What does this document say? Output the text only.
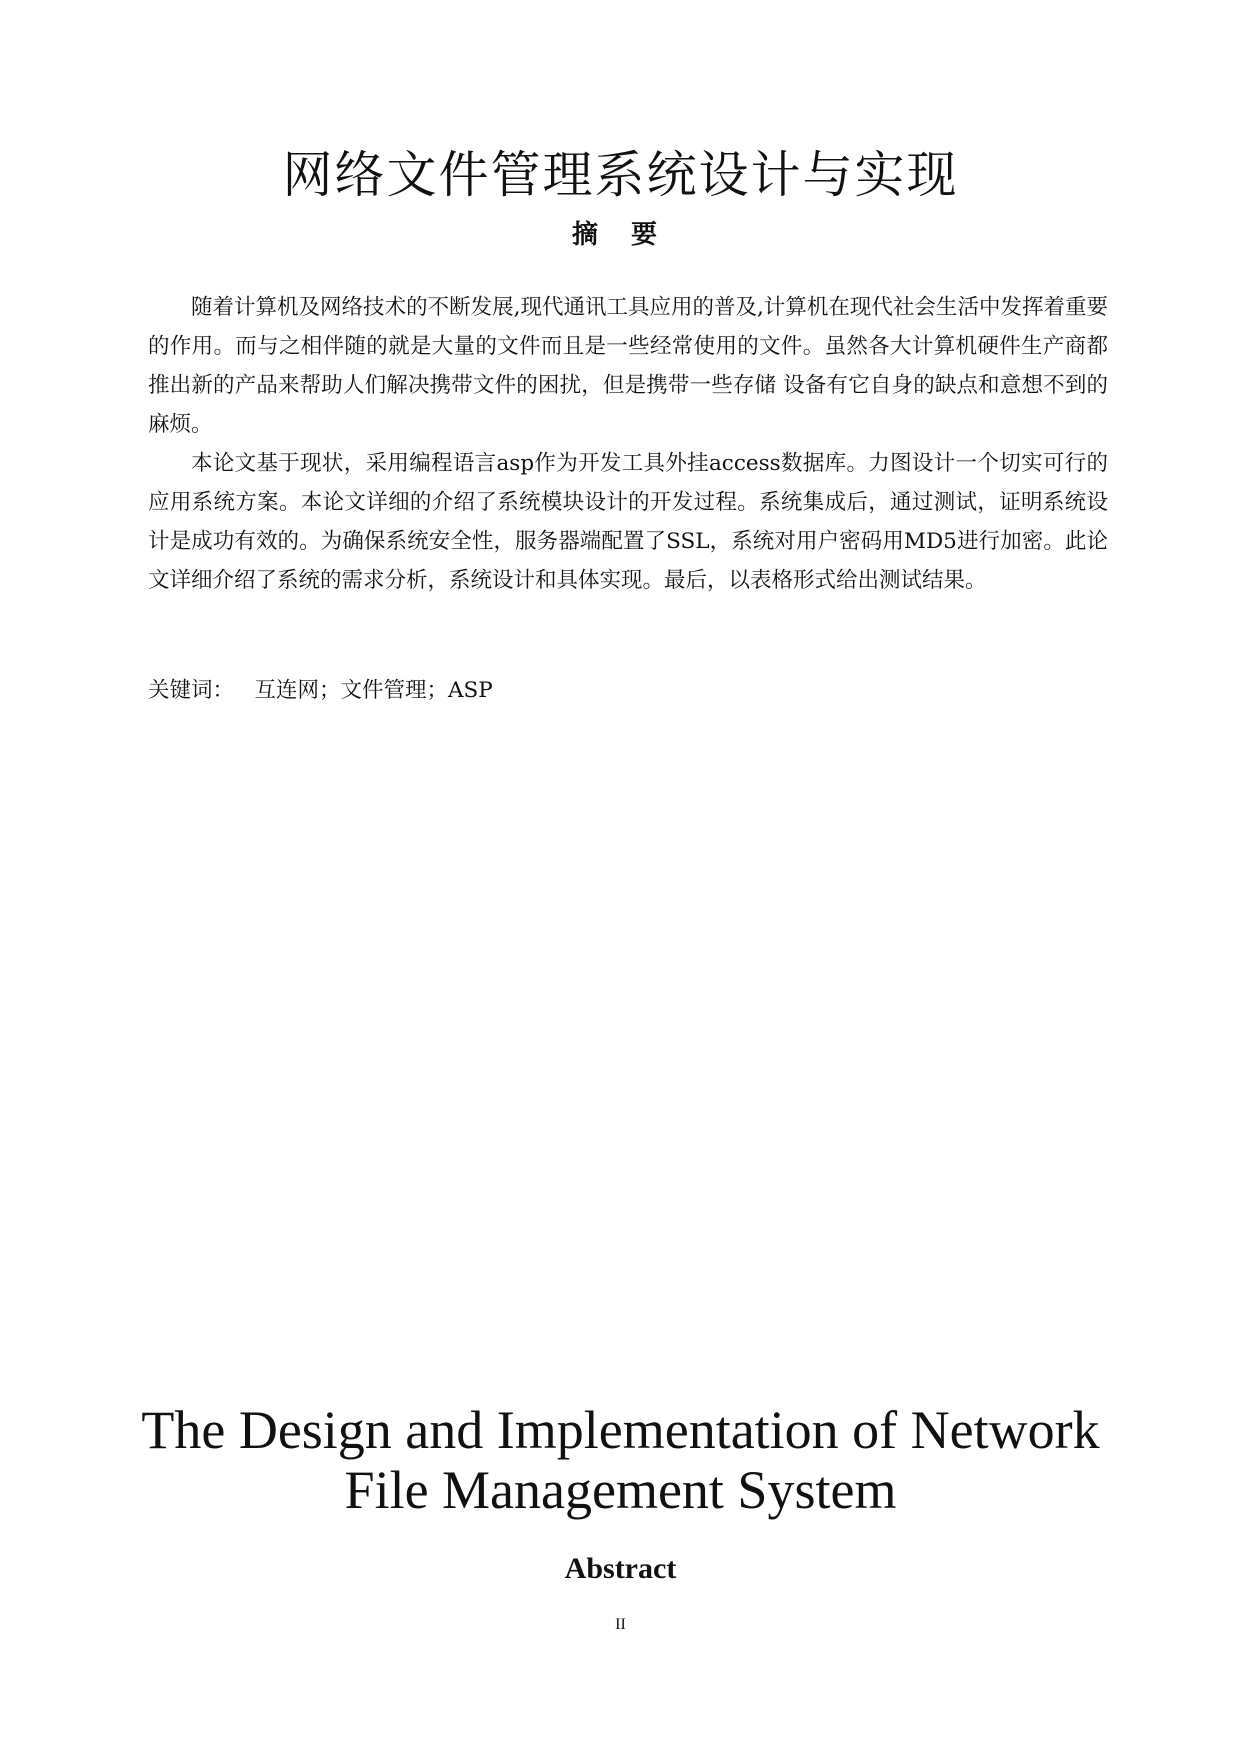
网络文件管理系统设计与实现
摘 要

随着计算机及网络技术的不断发展,现代通讯工具应用的普及,计算机在现代社会生活中发挥着重要的作用。而与之相伴随的就是大量的文件而且是一些经常使用的文件。虽然各大计算机硬件生产商都推出新的产品来帮助人们解决携带文件的困扰，但是携带一些存储 设备有它自身的缺点和意想不到的麻烦。

本论文基于现状，采用编程语言asp作为开发工具外挂access数据库。力图设计一个切实可行的应用系统方案。本论文详细的介绍了系统模块设计的开发过程。系统集成后，通过测试，证明系统设计是成功有效的。为确保系统安全性，服务器端配置了SSL，系统对用户密码用MD5进行加密。此论文详细介绍了系统的需求分析，系统设计和具体实现。最后，以表格形式给出测试结果。

关键词： 互连网；文件管理；ASP
The Design and Implementation of Network
File Management System
Abstract
II
